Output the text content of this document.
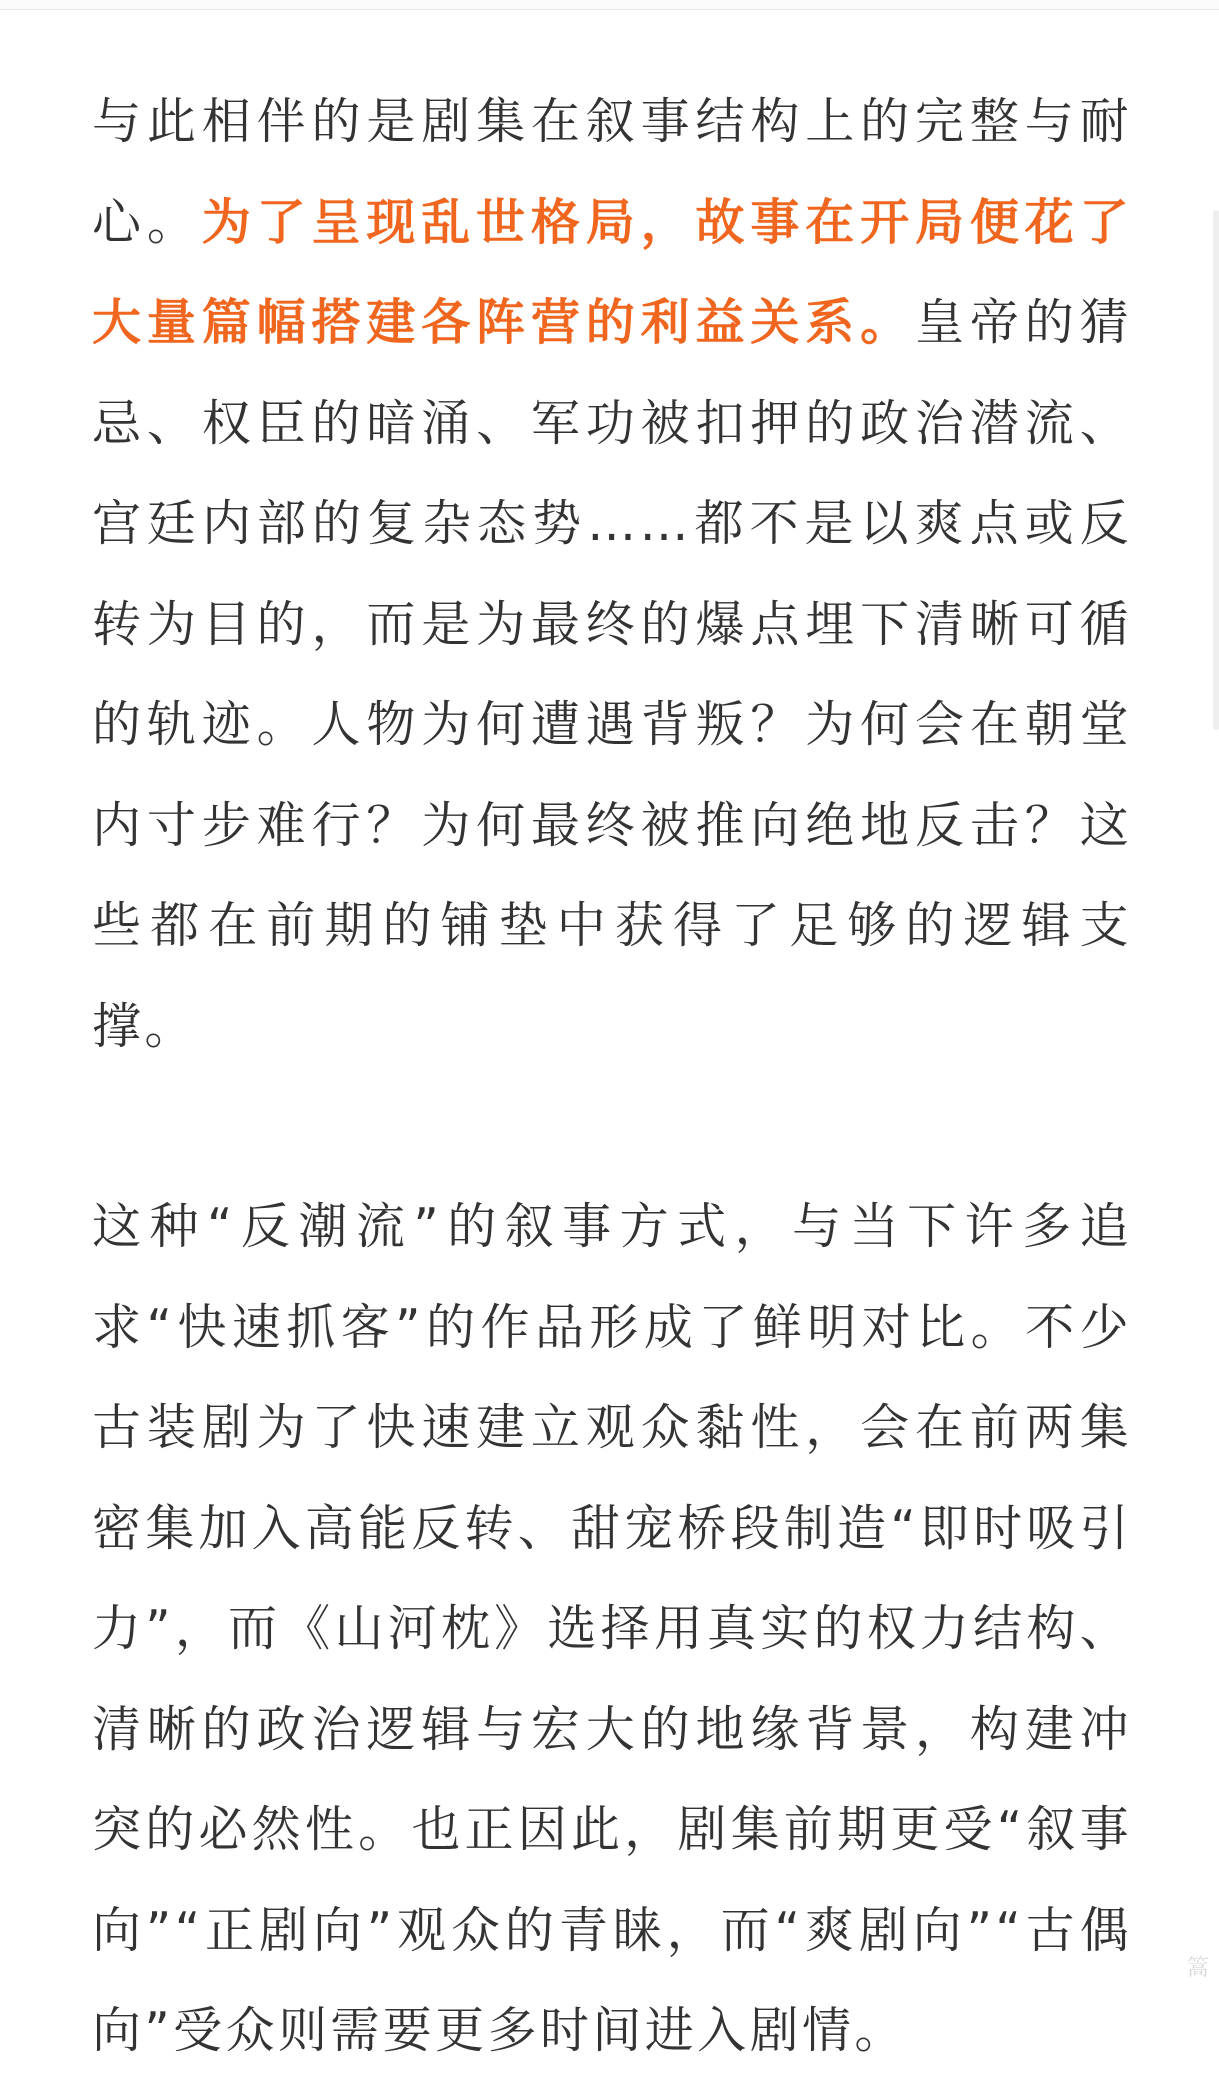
与此相伴的是剧集在叙事结构上的完整与耐心。为了呈现乱世格局，故事在开局便花了大量篇幅搭建各阵营的利益关系。皇帝的猜忌、权臣的暗涌、军功被扣押的政治潜流、宫廷内部的复杂态势……都不是以爽点或反转为目的，而是为最终的爆点埋下清晰可循的轨迹。人物为何遭遇背叛？为何会在朝堂内寸步难行？为何最终被推向绝地反击？这些都在前期的铺垫中获得了足够的逻辑支撑。

这种“反潮流”的叙事方式，与当下许多追求“快速抓客”的作品形成了鲜明对比。不少古装剧为了快速建立观众黏性，会在前两集密集加入高能反转、甜宠桥段制造“即时吸引力”，而《山河枕》选择用真实的权力结构、清晰的政治逻辑与宏大的地缘背景，构建冲突的必然性。也正因此，剧集前期更受“叙事向”“正剧向”观众的青睐，而“爽剧向”“古偶向”受众则需要更多时间进入剧情。

篙
